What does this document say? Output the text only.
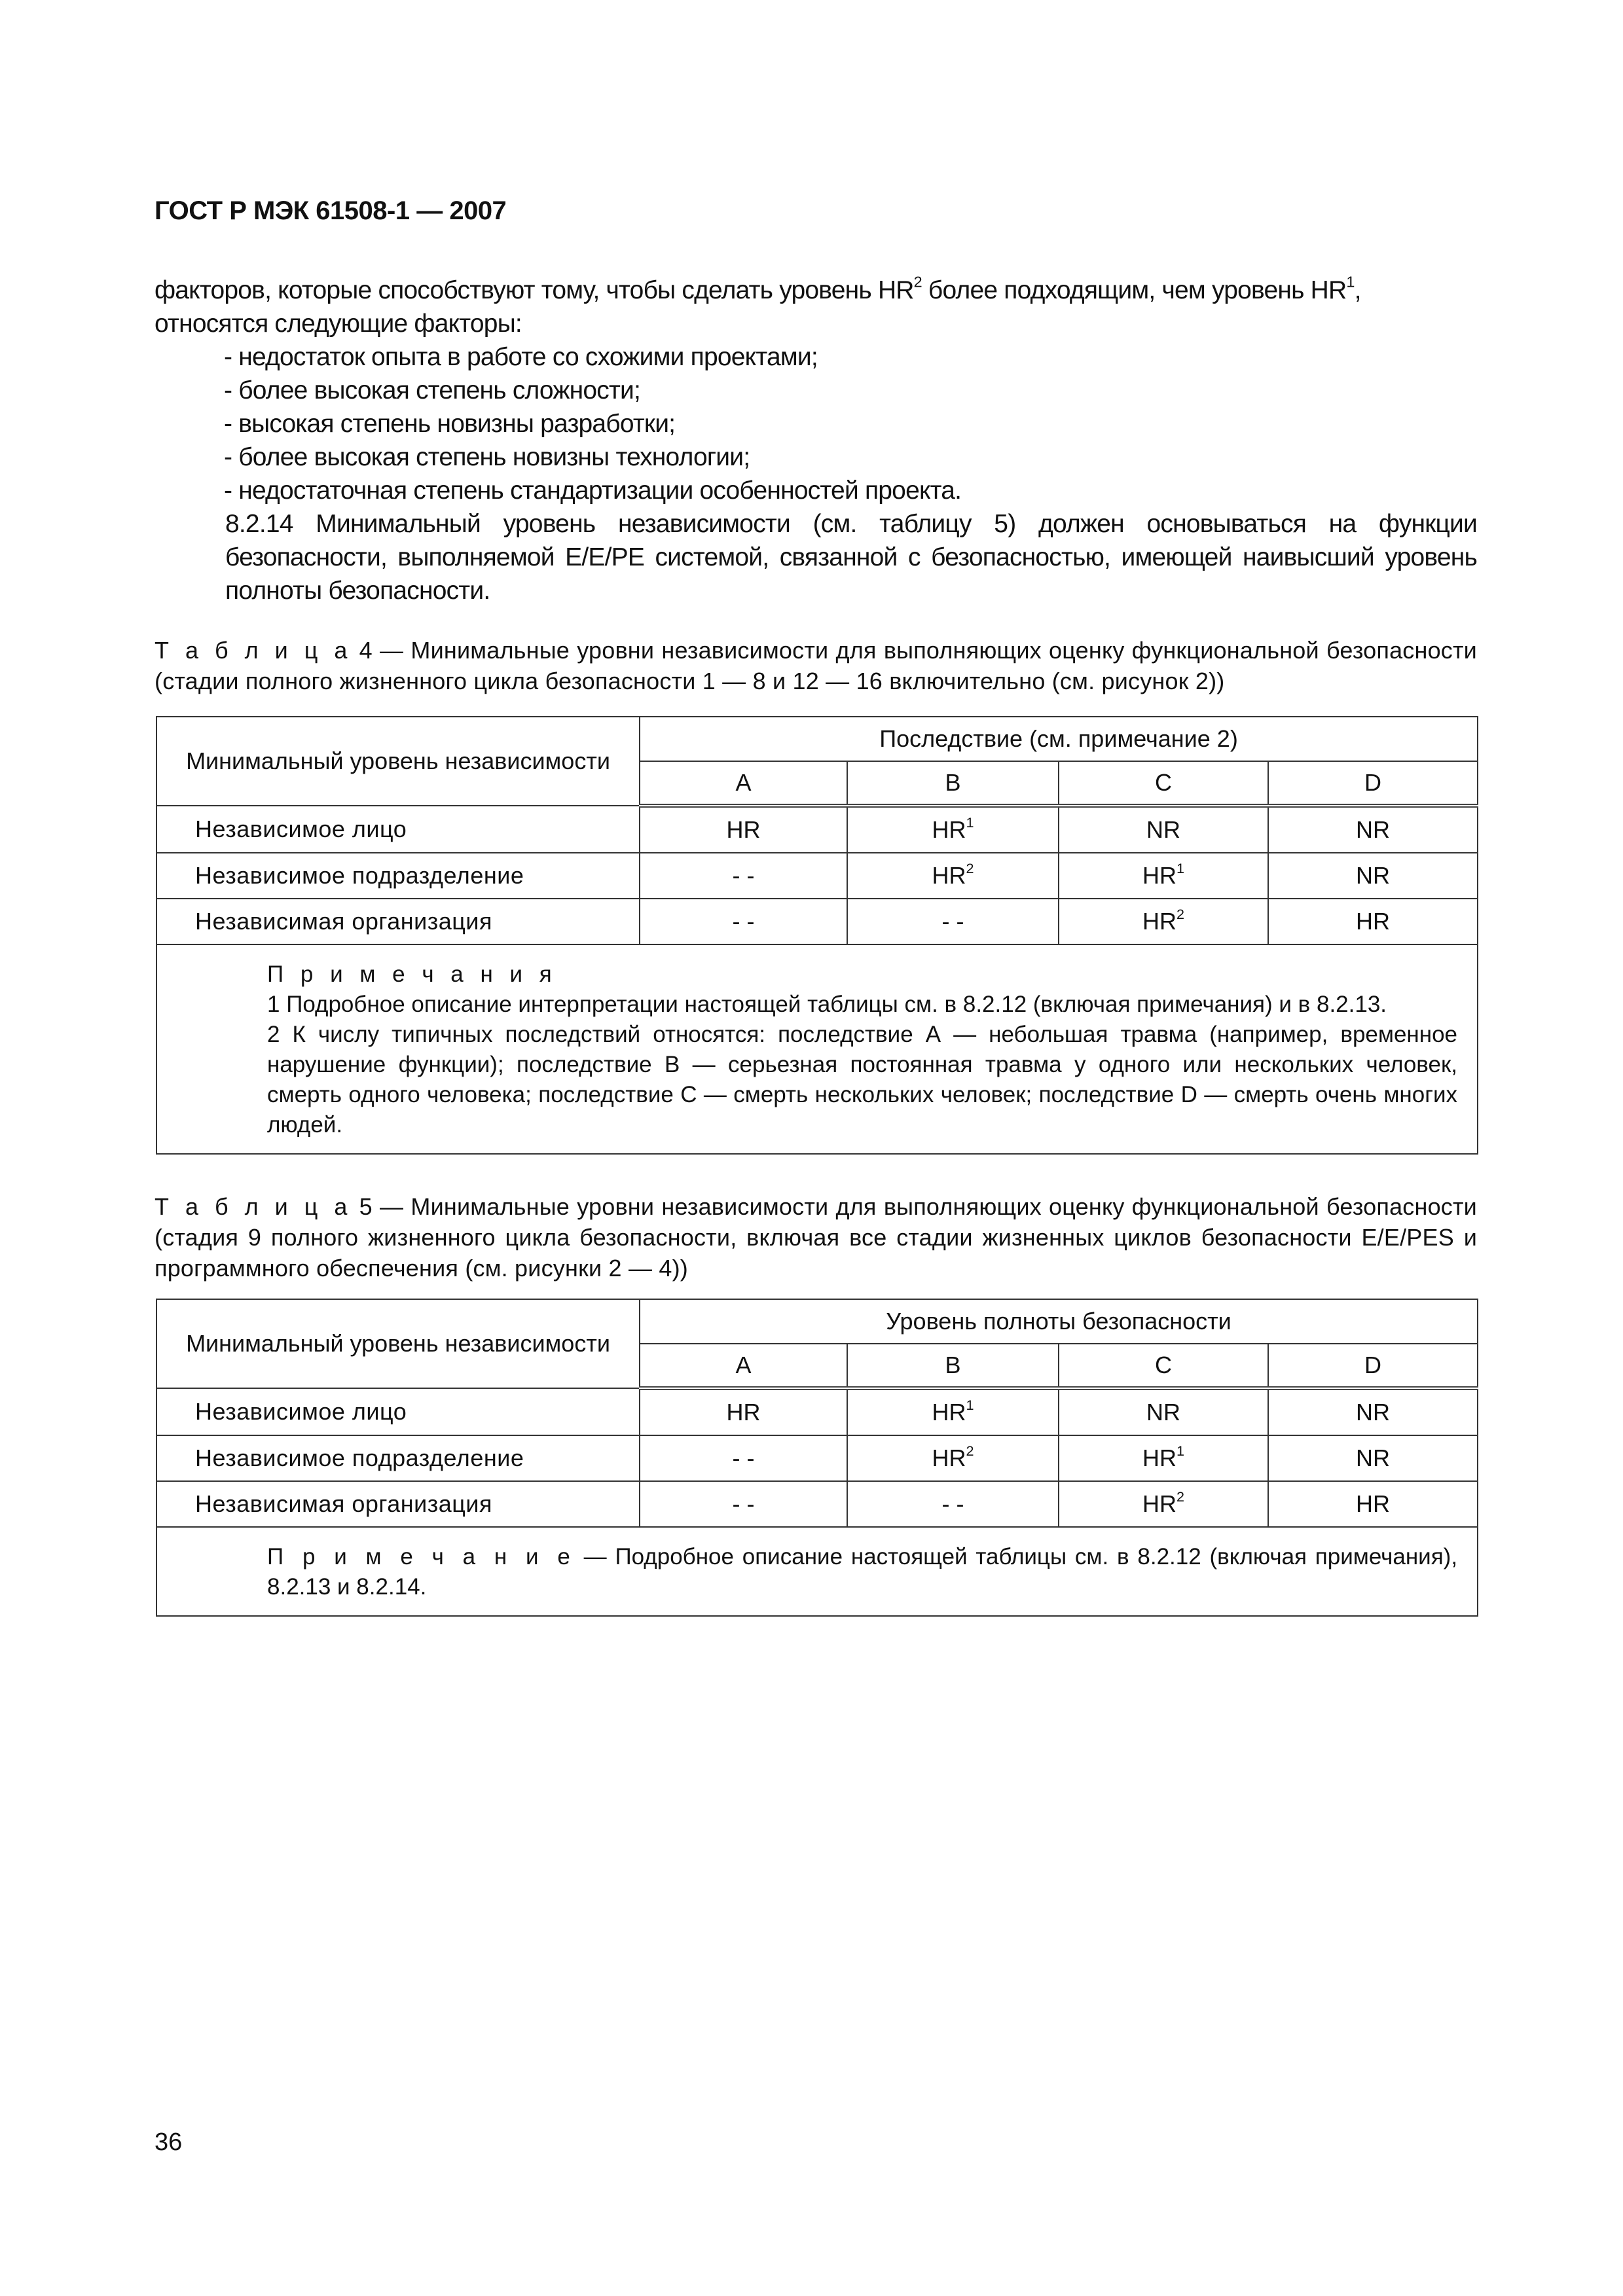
ГОСТ Р МЭК 61508-1 — 2007

факторов, которые способствуют тому, чтобы сделать уровень $HR^2$ более подходящим, чем уровень $HR^1$,

относятся следующие факторы:

- недостаток опыта в работе со схожими проектами;

- более высокая степень сложности;

- высокая степень новизны разработки;

- более высокая степень новизны технологии;

- недостаточная степень стандартизации особенностей проекта.

8.2.14 Минимальный уровень независимости (см. таблицу 5) должен основываться на функции безопасности, выполняемой Е/Е/РЕ системой, связанной с безопасностью, имеющей наивысший уровень полноты безопасности.

Т а б л и ц а 4 — Минимальные уровни независимости для выполняющих оценку функциональной безопасности (стадии полного жизненного цикла безопасности 1 — 8 и 12 — 16 включительно (см. рисунок 2))
Минимальный уровень независимости	Последствие (см. примечание 2)			
	A	B	C	D
Независимое лицо	HR	$HR^1$	NR	NR
Независимое подразделение	- -	$HR^2$	$HR^1$	NR
Независимая организация	- -	- -	$HR^2$	HR

П р и м е ч а н и я

1 Подробное описание интерпретации настоящей таблицы см. в 8.2.12 (включая примечания) и в 8.2.13.

2 К числу типичных последствий относятся: последствие А — небольшая травма (например, временное нарушение функции); последствие В — серьезная постоянная травма у одного или нескольких человек, смерть одного человека; последствие С — смерть нескольких человек; последствие D — смерть очень многих людей.				

Т а б л и ц а 5 — Минимальные уровни независимости для выполняющих оценку функциональной безопасности (стадия 9 полного жизненного цикла безопасности, включая все стадии жизненных циклов безопасности Е/Е/PES и программного обеспечения (см. рисунки 2 — 4))
Минимальный уровень независимости	Уровень полноты безопасности			
	A	B	C	D
Независимое лицо	HR	$HR^1$	NR	NR
Независимое подразделение	- -	$HR^2$	$HR^1$	NR
Независимая организация	- -	- -	$HR^2$	HR

П р и м е ч а н и е — Подробное описание настоящей таблицы см. в 8.2.12 (включая примечания), 8.2.13 и 8.2.14.				

36
